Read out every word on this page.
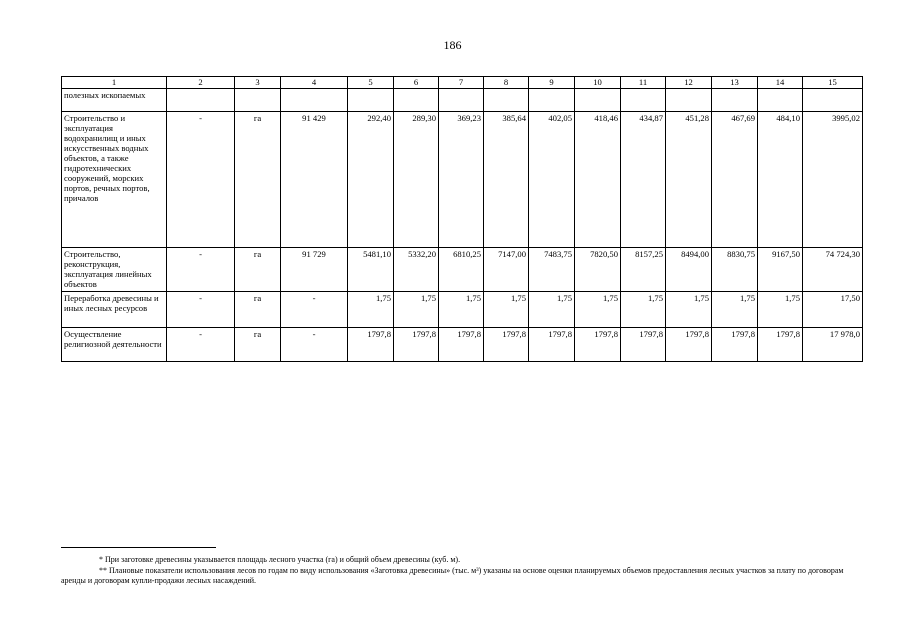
186
1	2	3	4	5	6	7	8	9	10	11	12	13	14	15
полезных ископаемых														
Строительство и эксплуатация водохранилищ и иных искусственных водных объектов, а также гидротехнических сооружений, морских портов, речных портов, причалов	-	га	91 429	292,40	289,30	369,23	385,64	402,05	418,46	434,87	451,28	467,69	484,10	3995,02
Строительство, реконструкция, эксплуатация линейных объектов	-	га	91 729	5481,10	5332,20	6810,25	7147,00	7483,75	7820,50	8157,25	8494,00	8830,75	9167,50	74 724,30
Переработка древесины и иных лесных ресурсов	-	га	-	1,75	1,75	1,75	1,75	1,75	1,75	1,75	1,75	1,75	1,75	17,50
Осуществление религиозной деятельности	-	га	-	1797,8	1797,8	1797,8	1797,8	1797,8	1797,8	1797,8	1797,8	1797,8	1797,8	17 978,0
* При заготовке древесины указывается площадь лесного участка (га) и общий объем древесины (куб. м).
** Плановые показатели использования лесов по годам по виду использования «Заготовка древесины» (тыс. м³) указаны на основе оценки планируемых объемов предоставления лесных участков за плату по договорам аренды и договорам купли-продажи лесных насаждений.
